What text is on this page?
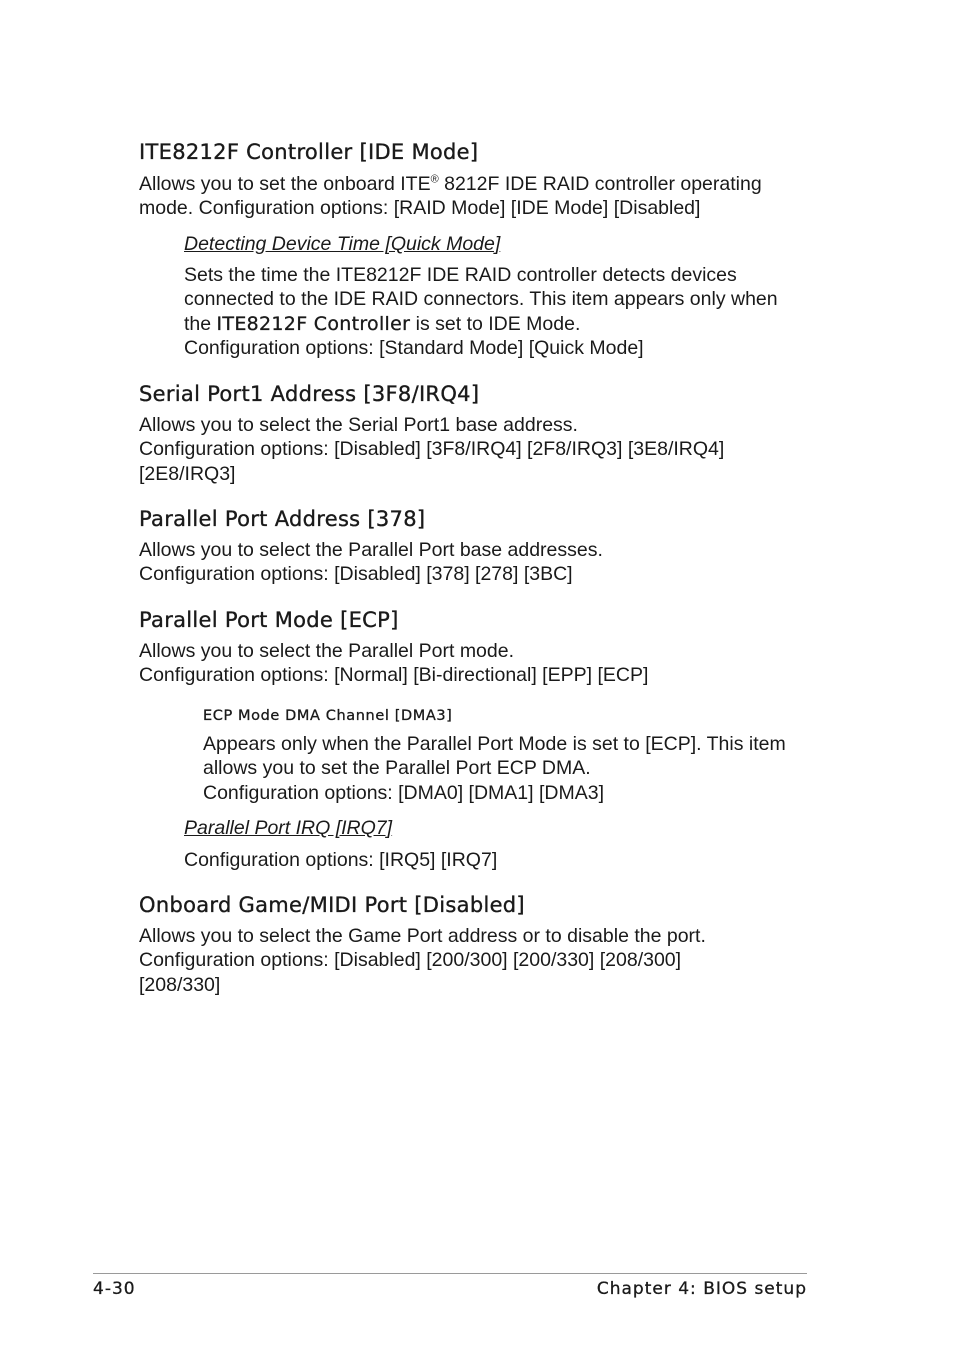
ITE8212F Controller [IDE Mode]
Allows you to set the onboard ITE® 8212F IDE RAID controller operating
mode. Configuration options: [RAID Mode] [IDE Mode] [Disabled]
Detecting Device Time [Quick Mode]
Sets the time the ITE8212F IDE RAID controller detects devices
connected to the IDE RAID connectors. This item appears only when
the ITE8212F Controller is set to IDE Mode.
Configuration options: [Standard Mode] [Quick Mode]
Serial Port1 Address [3F8/IRQ4]
Allows you to select the Serial Port1 base address.
Configuration options: [Disabled] [3F8/IRQ4] [2F8/IRQ3] [3E8/IRQ4]
[2E8/IRQ3]
Parallel Port Address [378]
Allows you to select the Parallel Port base addresses.
Configuration options: [Disabled] [378] [278] [3BC]
Parallel Port Mode [ECP]
Allows you to select the Parallel Port mode.
Configuration options: [Normal] [Bi-directional] [EPP] [ECP]
ECP Mode DMA Channel [DMA3]
Appears only when the Parallel Port Mode is set to [ECP]. This item
allows you to set the Parallel Port ECP DMA.
Configuration options: [DMA0] [DMA1] [DMA3]
Parallel Port IRQ [IRQ7]
Configuration options: [IRQ5] [IRQ7]
Onboard Game/MIDI Port [Disabled]
Allows you to select the Game Port address or to disable the port.
Configuration options: [Disabled] [200/300] [200/330] [208/300]
[208/330]
4-30	Chapter 4: BIOS setup
